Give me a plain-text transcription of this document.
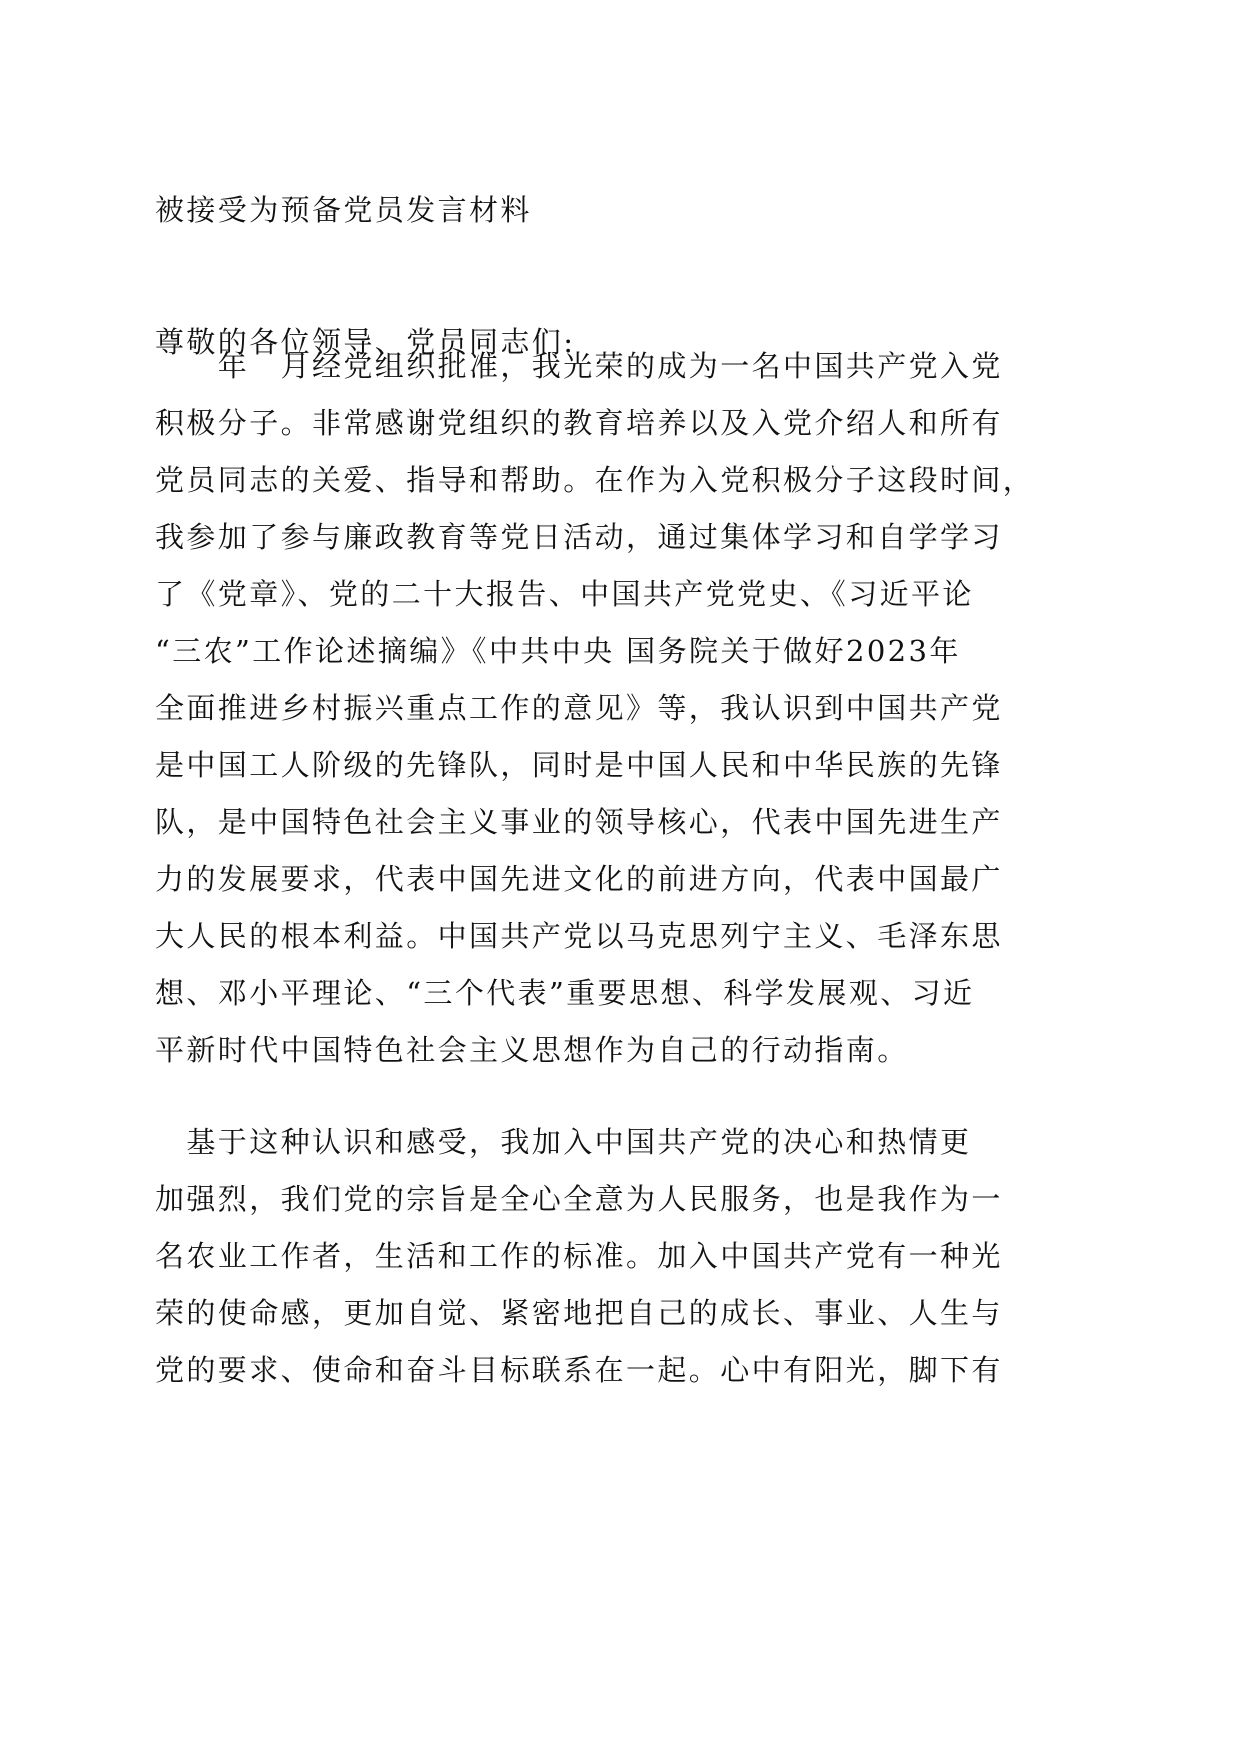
被接受为预备党员发言材料
尊敬的各位领导、党员同志们:
　　年　月经党组织批准，我光荣的成为一名中国共产党入党
积极分子。非常感谢党组织的教育培养以及入党介绍人和所有
党员同志的关爱、指导和帮助。在作为入党积极分子这段时间，
我参加了参与廉政教育等党日活动，通过集体学习和自学学习
了《党章》、党的二十大报告、中国共产党党史、《习近平论
“三农”工作论述摘编》《中共中央 国务院关于做好2023年
全面推进乡村振兴重点工作的意见》等，我认识到中国共产党
是中国工人阶级的先锋队，同时是中国人民和中华民族的先锋
队，是中国特色社会主义事业的领导核心，代表中国先进生产
力的发展要求，代表中国先进文化的前进方向，代表中国最广
大人民的根本利益。中国共产党以马克思列宁主义、毛泽东思
想、邓小平理论、“三个代表”重要思想、科学发展观、习近
平新时代中国特色社会主义思想作为自己的行动指南。
　基于这种认识和感受，我加入中国共产党的决心和热情更
加强烈，我们党的宗旨是全心全意为人民服务，也是我作为一
名农业工作者，生活和工作的标准。加入中国共产党有一种光
荣的使命感，更加自觉、紧密地把自己的成长、事业、人生与
党的要求、使命和奋斗目标联系在一起。心中有阳光，脚下有
